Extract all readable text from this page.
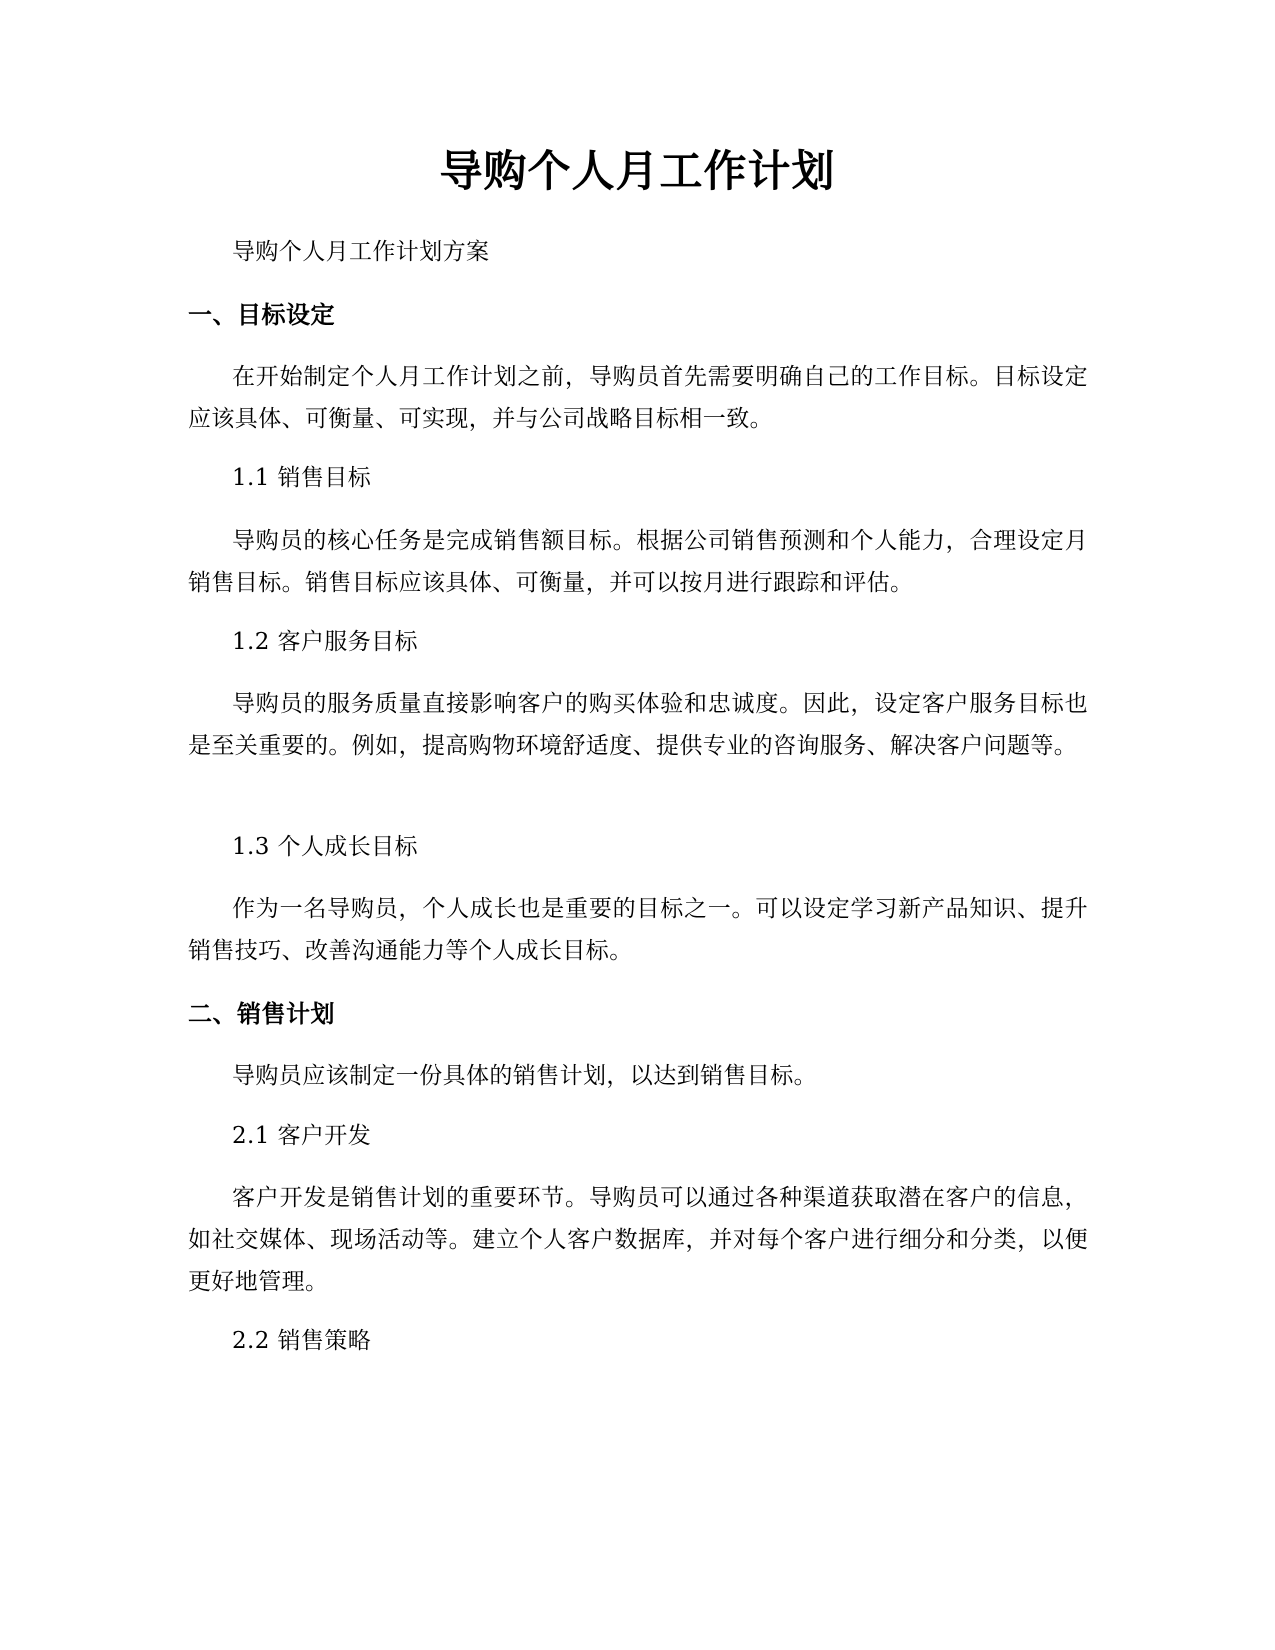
导购个人月工作计划

导购个人月工作计划方案

一、目标设定

在开始制定个人月工作计划之前，导购员首先需要明确自己的工作目标。目标设定应该具体、可衡量、可实现，并与公司战略目标相一致。

1.1 销售目标

导购员的核心任务是完成销售额目标。根据公司销售预测和个人能力，合理设定月销售目标。销售目标应该具体、可衡量，并可以按月进行跟踪和评估。

1.2 客户服务目标

导购员的服务质量直接影响客户的购买体验和忠诚度。因此，设定客户服务目标也是至关重要的。例如，提高购物环境舒适度、提供专业的咨询服务、解决客户问题等。

1.3 个人成长目标

作为一名导购员，个人成长也是重要的目标之一。可以设定学习新产品知识、提升销售技巧、改善沟通能力等个人成长目标。

二、销售计划

导购员应该制定一份具体的销售计划，以达到销售目标。

2.1 客户开发

客户开发是销售计划的重要环节。导购员可以通过各种渠道获取潜在客户的信息，如社交媒体、现场活动等。建立个人客户数据库，并对每个客户进行细分和分类，以便更好地管理。

2.2 销售策略
